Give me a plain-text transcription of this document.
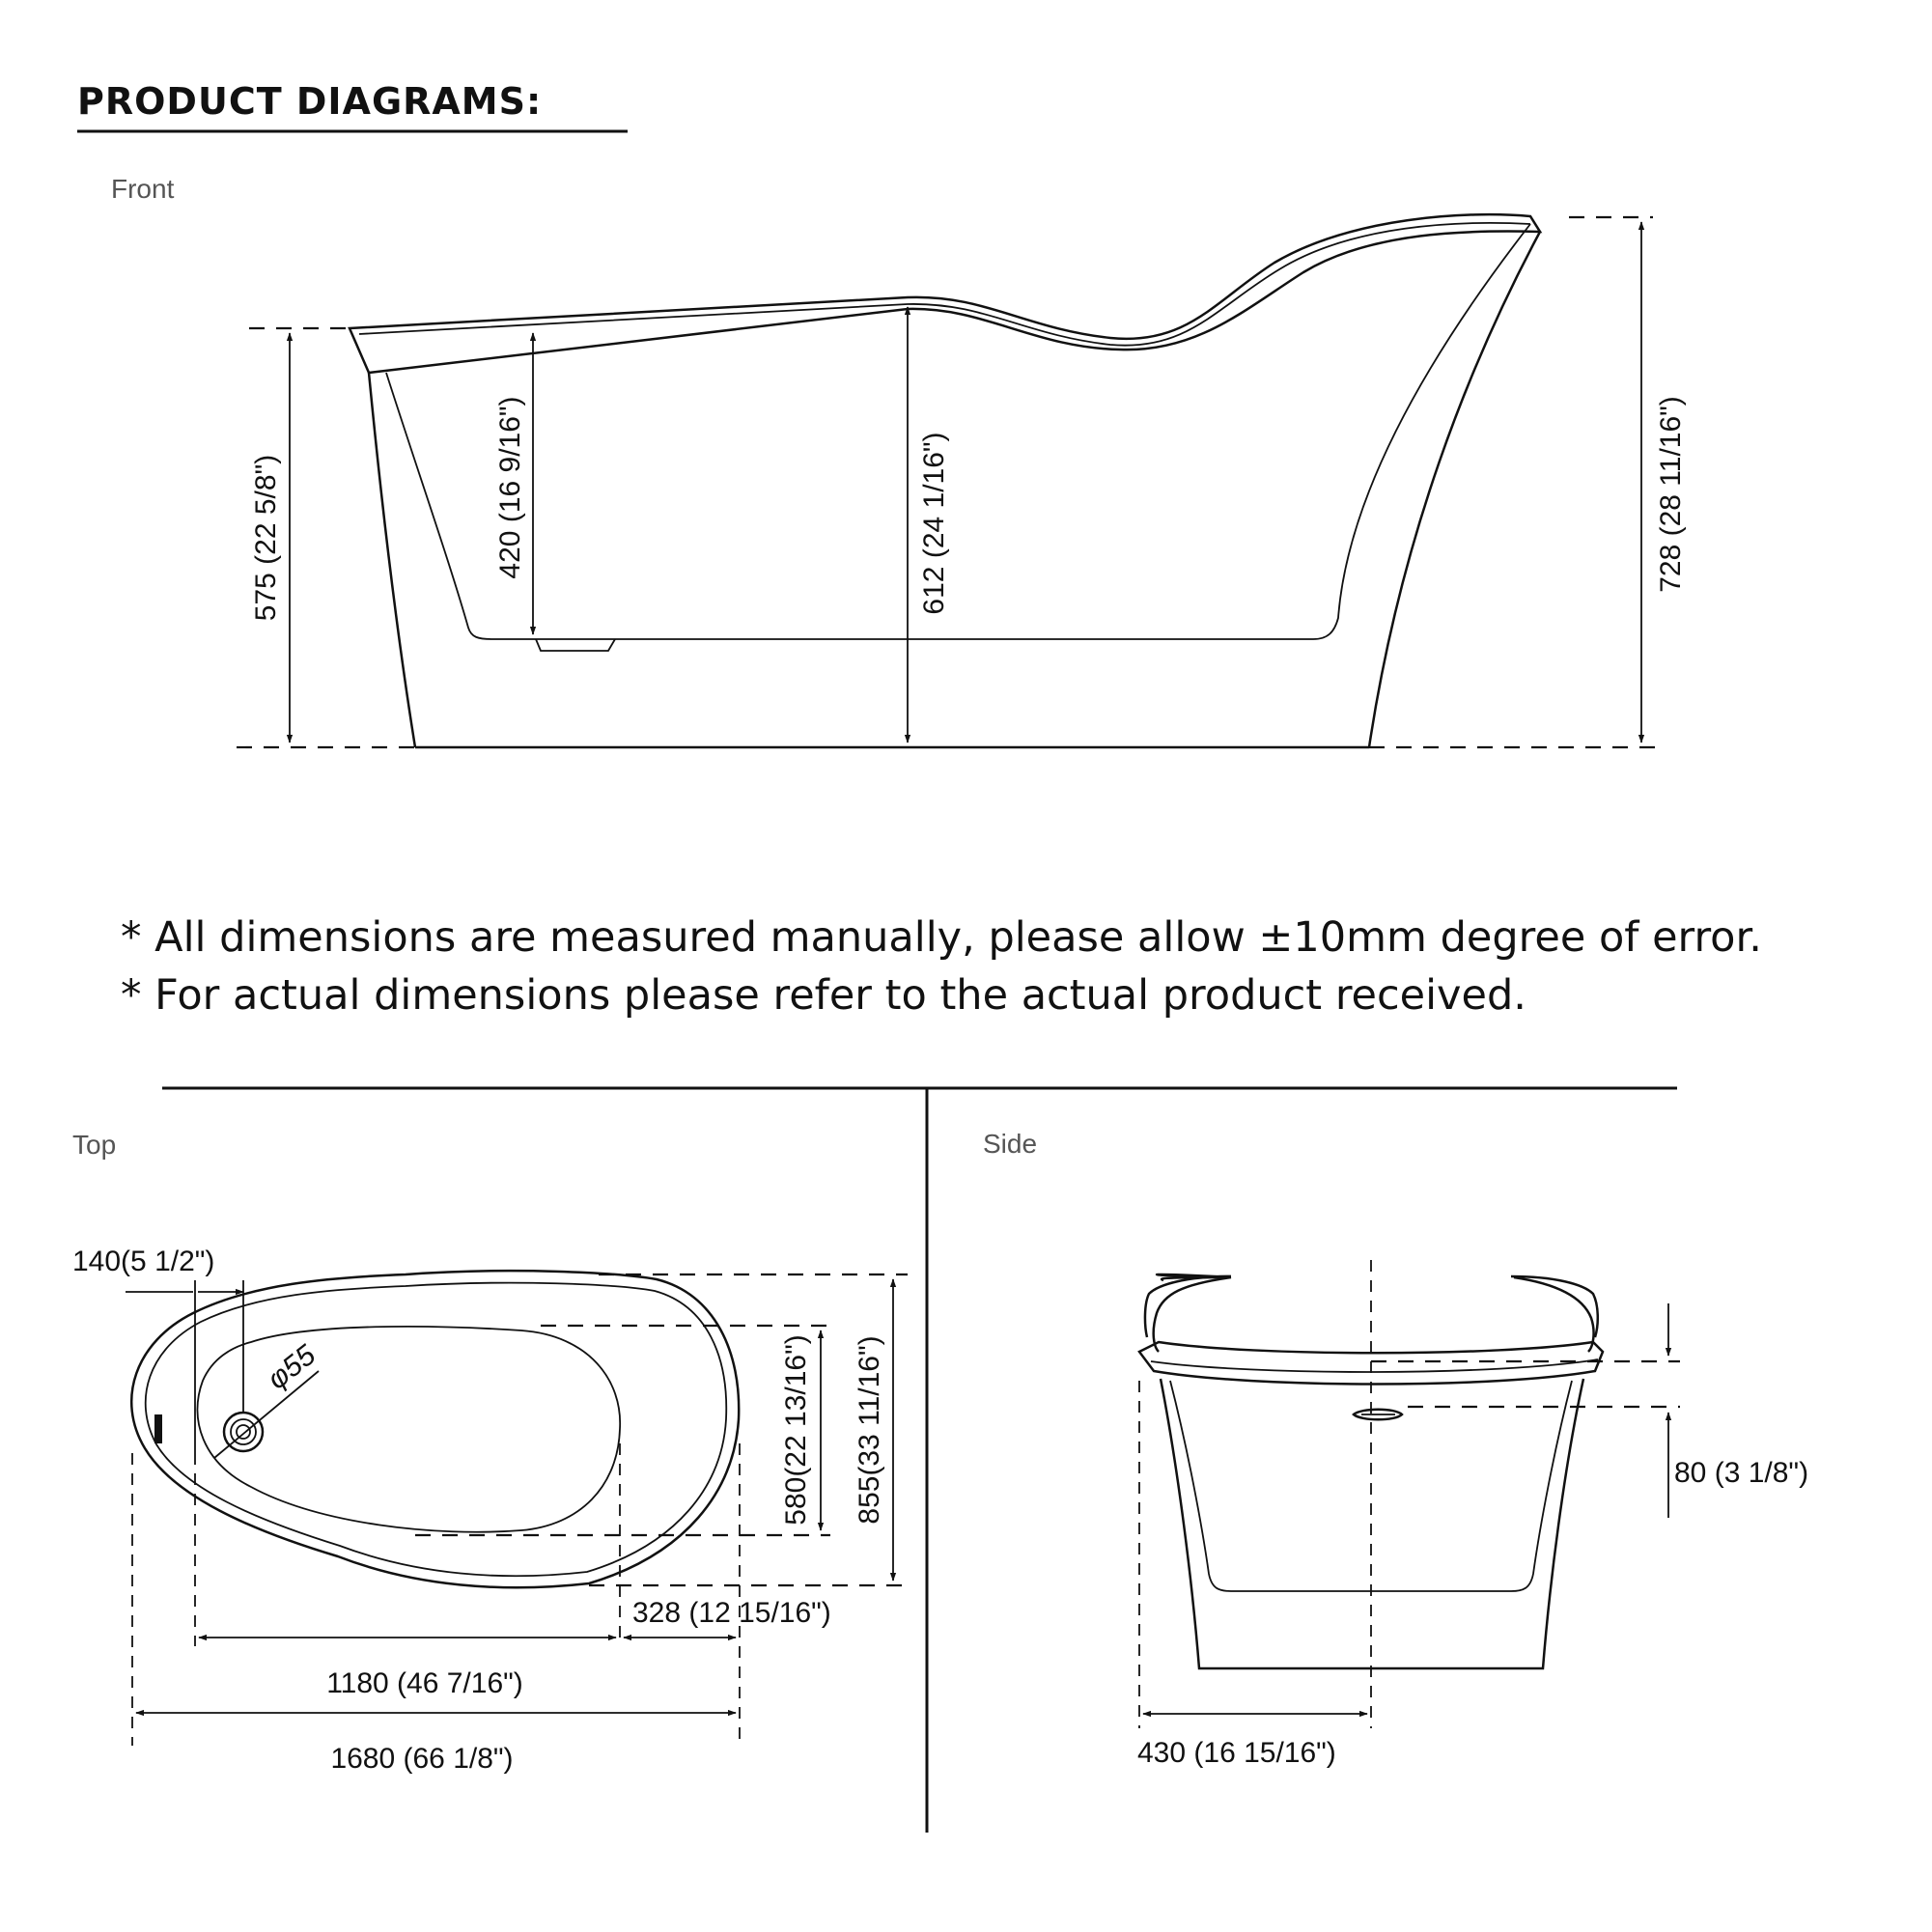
PRODUCT DIAGRAMS:
Front
575 (22 5/8")	420 (16 9/16")	612 (24 1/16")	728 (28 11/16")
* All dimensions are measured manually, please allow ±10mm degree of error.
* For actual dimensions please refer to the actual product received.
Top
φ55
140(5 1/2")
580(22 13/16") 855(33 11/16")
328 (12 15/16")
1180 (46 7/16")
1680 (66 1/8")
Side
80 (3 1/8")
430 (16 15/16")
